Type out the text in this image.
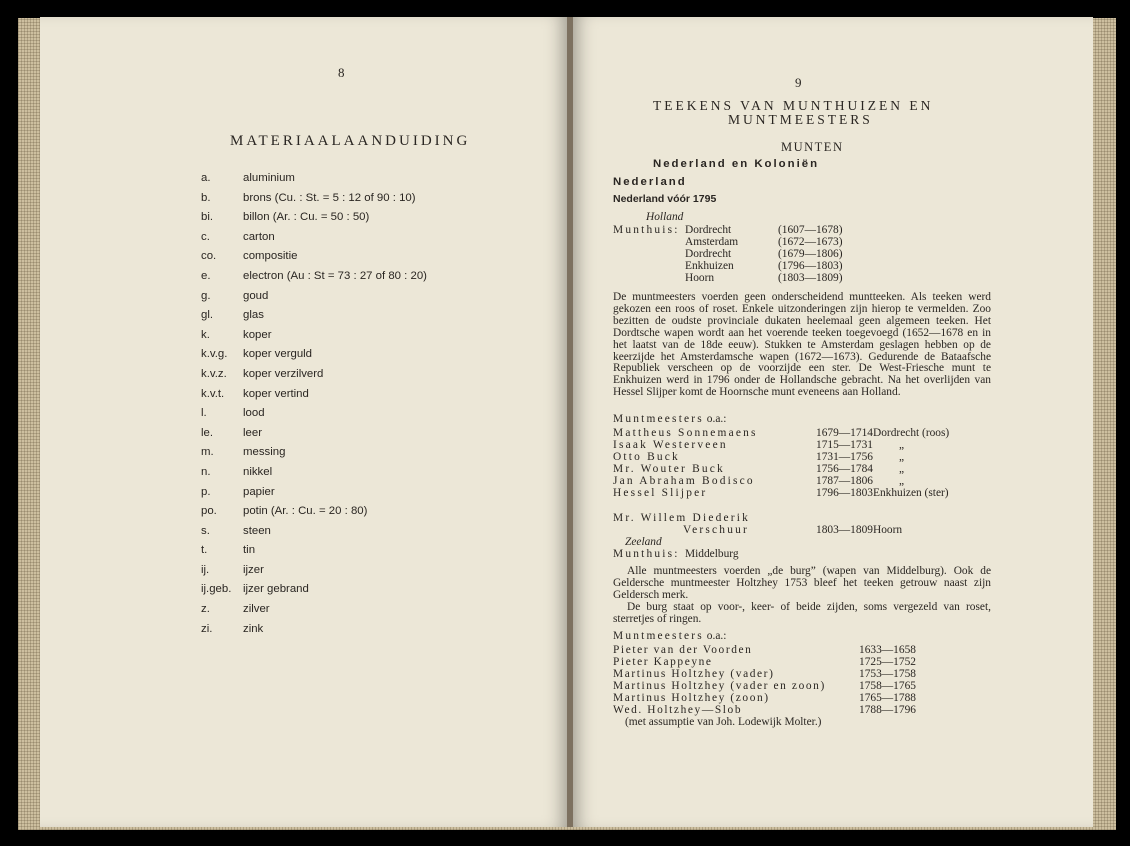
8
MATERIAALAANDUIDING
a.	aluminium
b.	brons (Cu. : St. = 5 : 12 of 90 : 10)
bi.	billon (Ar. : Cu. = 50 : 50)
c.	carton
co. compositie
e.	electron (Au : St = 73 : 27 of 80 : 20)
g.	goud
gl.	glas
k.	koper
k.v.g. koper verguld
k.v.z. koper verzilverd
k.v.t. koper vertind
l.	lood
le.	leer
m.	messing
n.	nikkel
p.	papier
po. potin (Ar. : Cu. = 20 : 80)
s.	steen
t.	tin
ij.	ijzer
ij.geb. ijzer gebrand
z.	zilver
zi.	zink
9
TEEKENS VAN MUNTHUIZEN EN
MUNTMEESTERS
MUNTEN
Nederland en Koloniën
Nederland
Nederland vóór 1795
Holland
Munthuis: Dordrecht	(1607—1678)
Amsterdam	(1672—1673)
Dordrecht	(1679—1806)
Enkhuizen	(1796—1803)
Hoorn	(1803—1809)
De muntmeesters voerden geen onderscheidend muntteeken. Als teeken werd gekozen een roos of roset. Enkele uitzonderingen zijn hierop te vermelden. Zoo bezitten de oudste provinciale dukaten heelemaal geen algemeen teeken. Het Dordtsche wapen wordt aan het voerende teeken toegevoegd (1652—1678 en in het laatst van de 18de eeuw). Stukken te Amsterdam geslagen hebben op de keerzijde het Amsterdamsche wapen (1672—1673). Gedurende de Bataafsche Republiek verscheen op de voorzijde een ster. De West-Friesche munt te Enkhuizen werd in 1796 onder de Hollandsche gebracht. Na het overlijden van Hessel Slijper komt de Hoornsche munt eveneens aan Holland.
Muntmeesters o.a.:
Mattheus Sonnemaens	1679—1714 Dordrecht (roos)
Isaak Westerveen	1715—1731 „
Otto Buck	1731—1756 „
Mr. Wouter Buck	1756—1784 „
Jan Abraham Bodisco	1787—1806 „
Hessel Slijper	1796—1803 Enkhuizen (ster)
Mr. Willem Diederik
Verschuur	1803—1809 Hoorn
Zeeland
Munthuis: Middelburg
Alle muntmeesters voerden „de burg” (wapen van Middelburg). Ook de Geldersche muntmeester Holtzhey 1753 bleef het teeken getrouw naast zijn Geldersch merk.
De burg staat op voor-, keer- of beide zijden, soms vergezeld van roset, sterretjes of ringen.
Muntmeesters o.a.:
Pieter van der Voorden	1633—1658
Pieter Kappeyne	1725—1752
Martinus Holtzhey (vader)	1753—1758
Martinus Holtzhey (vader en zoon)	1758—1765
Martinus Holtzhey (zoon)	1765—1788
Wed. Holtzhey—Slob	1788—1796
(met assumptie van Joh. Lodewijk Molter.)
